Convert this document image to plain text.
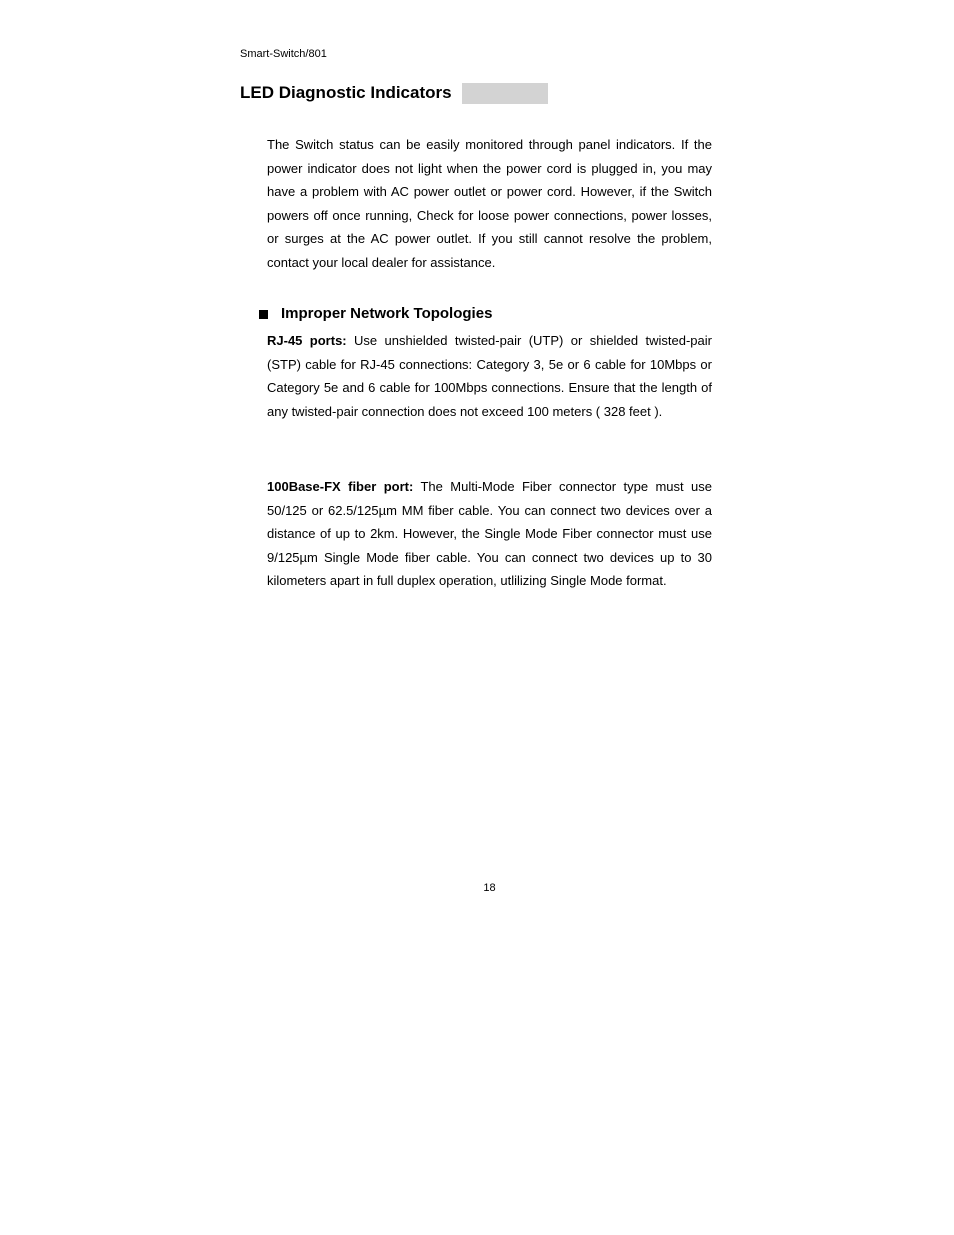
Smart-Switch/801
LED Diagnostic Indicators

The Switch status can be easily monitored through panel indicators. If the power indicator does not light when the power cord is plugged in, you may have a problem with AC power outlet or power cord. However, if the Switch powers off once running, Check for loose power connections, power losses, or surges at the AC power outlet. If you still cannot resolve the problem, contact your local dealer for assistance.

Improper Network Topologies

RJ-45 ports: Use unshielded twisted-pair (UTP) or shielded twisted-pair (STP) cable for RJ-45 connections: Category 3, 5e or 6 cable for 10Mbps or Category 5e and 6 cable for 100Mbps connections. Ensure that the length of any twisted-pair connection does not exceed 100 meters ( 328 feet ).

100Base-FX fiber port: The Multi-Mode Fiber connector type must use 50/125 or 62.5/125µm MM fiber cable. You can connect two devices over a distance of up to 2km. However, the Single Mode Fiber connector must use 9/125µm Single Mode fiber cable. You can connect two devices up to 30 kilometers apart in full duplex operation, utlilizing Single Mode format.

18
